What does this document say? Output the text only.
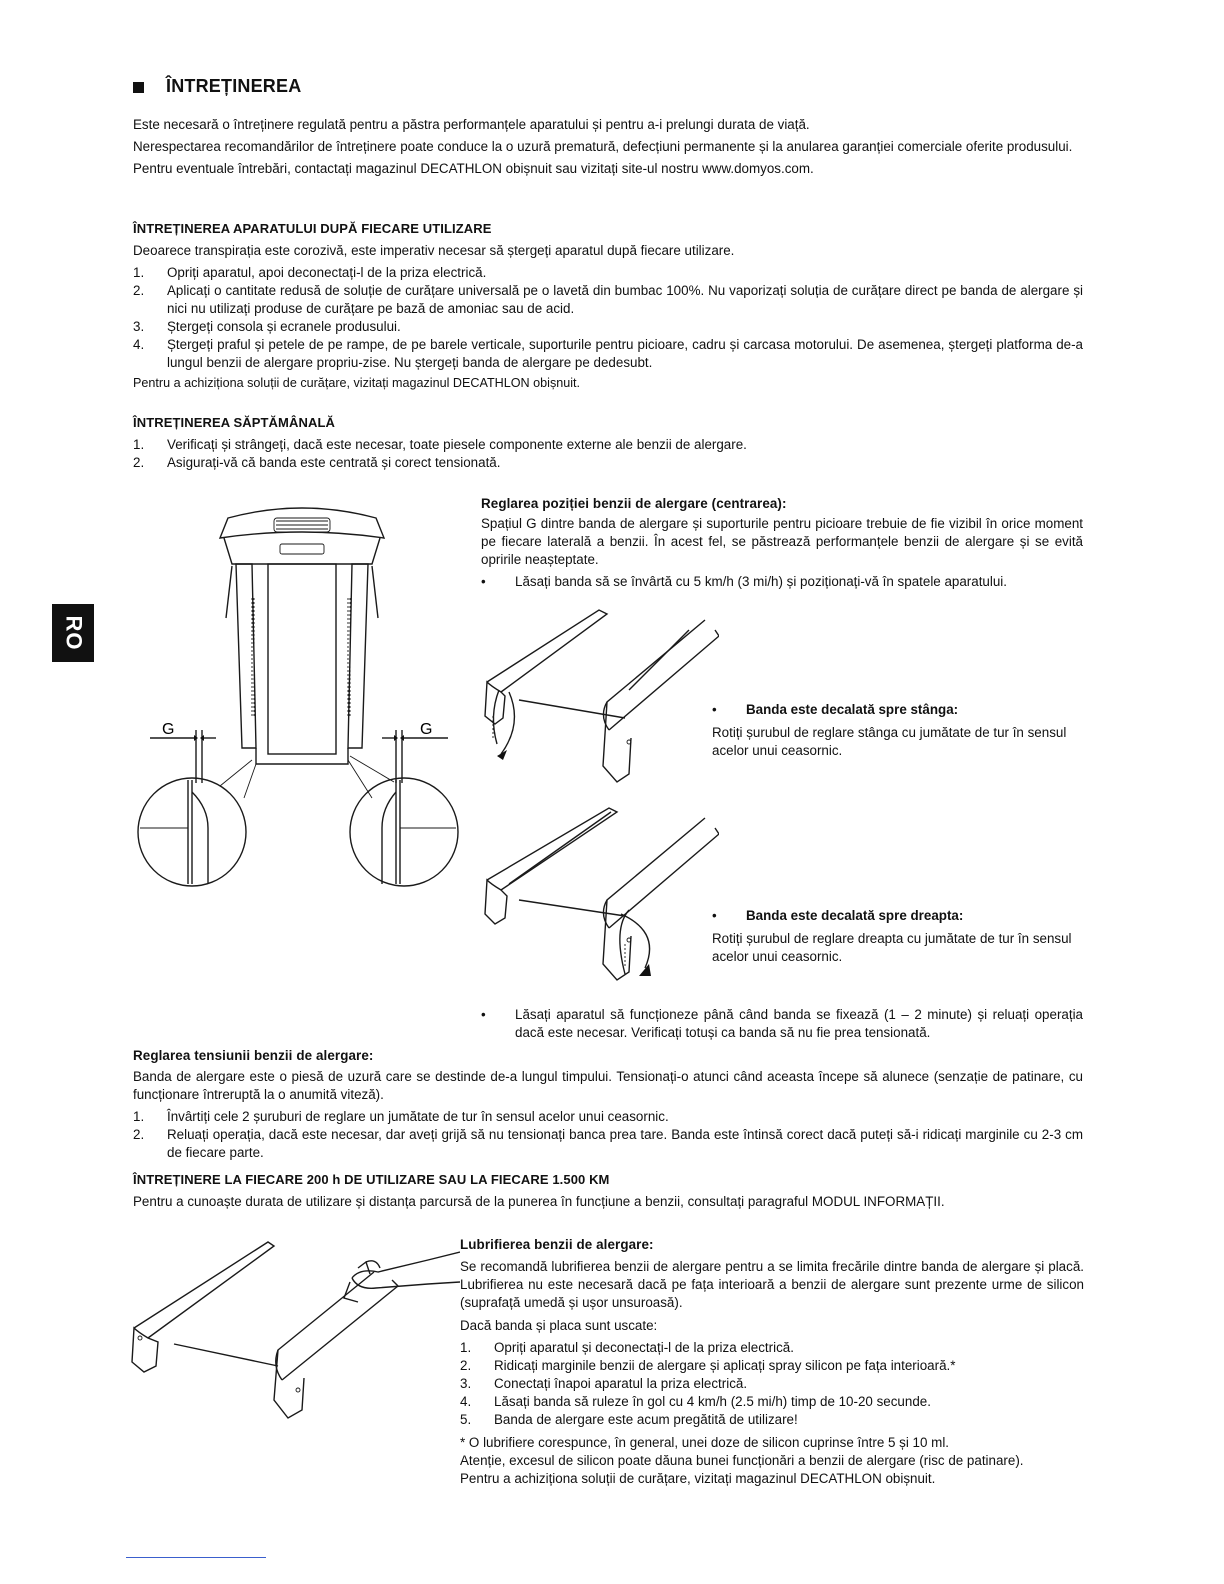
RO
ÎNTREȚINEREA

Este necesară o întreținere regulată pentru a păstra performanțele aparatului și pentru a-i prelungi durata de viață.

Nerespectarea recomandărilor de întreținere poate conduce la o uzură prematură, defecțiuni permanente și la anularea garanției comerciale oferite produsului.

Pentru eventuale întrebări, contactați magazinul DECATHLON obișnuit sau vizitați site-ul nostru www.domyos.com.

ÎNTREȚINEREA APARATULUI DUPĂ FIECARE UTILIZARE

Deoarece transpirația este corozivă, este imperativ necesar să ștergeți aparatul după fiecare utilizare.

1. Opriți aparatul, apoi deconectați-l de la priza electrică.
2. Aplicați o cantitate redusă de soluție de curățare universală pe o lavetă din bumbac 100%. Nu vaporizați soluția de curățare direct pe banda de alergare și nici nu utilizați produse de curățare pe bază de amoniac sau de acid.
3. Ștergeți consola și ecranele produsului.
4. Ștergeți praful și petele de pe rampe, de pe barele verticale, suporturile pentru picioare, cadru și carcasa motorului. De asemenea, ștergeți platforma de-a lungul benzii de alergare propriu-zise. Nu ștergeți banda de alergare pe dedesubt.

Pentru a achiziționa soluții de curățare, vizitați magazinul DECATHLON obișnuit.

ÎNTREȚINEREA SĂPTĂMÂNALĂ
1. Verificați și strângeți, dacă este necesar, toate piesele componente externe ale benzii de alergare.
2. Asigurați-vă că banda este centrată și corect tensionată.
G	G
Reglarea poziției benzii de alergare (centrarea):

Spațiul G dintre banda de alergare și suporturile pentru picioare trebuie de fie vizibil în orice moment pe fiecare laterală a benzii. În acest fel, se păstrează performanțele benzii de alergare și se evită opririle neașteptate.

• Lăsați banda să se învârtă cu 5 km/h (3 mi/h) și poziționați-vă în spatele aparatului.
• Banda este decalată spre stânga:

Rotiți șurubul de reglare stânga cu jumătate de tur în sensul acelor unui ceasornic.

• Banda este decalată spre dreapta:

Rotiți șurubul de reglare dreapta cu jumătate de tur în sensul acelor unui ceasornic.

• Lăsați aparatul să funcționeze până când banda se fixează (1 – 2 minute) și reluați operația dacă este necesar. Verificați totuși ca banda să nu fie prea tensionată.
Reglarea tensiunii benzii de alergare:

Banda de alergare este o piesă de uzură care se destinde de-a lungul timpului. Tensionați-o atunci când aceasta începe să alunece (senzație de patinare, cu funcționare întreruptă la o anumită viteză).

1. Învârtiți cele 2 șuruburi de reglare un jumătate de tur în sensul acelor unui ceasornic.
2. Reluați operația, dacă este necesar, dar aveți grijă să nu tensionați banca prea tare. Banda este întinsă corect dacă puteți să-i ridicați marginile cu 2-3 cm de fiecare parte.
ÎNTREȚINERE LA FIECARE 200 h DE UTILIZARE SAU LA FIECARE 1.500 KM

Pentru a cunoaște durata de utilizare și distanța parcursă de la punerea în funcțiune a benzii, consultați paragraful MODUL INFORMAȚII.

Lubrifierea benzii de alergare:

Se recomandă lubrifierea benzii de alergare pentru a se limita frecările dintre banda de alergare și placă. Lubrifierea nu este necesară dacă pe fața interioară a benzii de alergare sunt prezente urme de silicon (suprafață umedă și ușor unsuroasă).

Dacă banda și placa sunt uscate:

1. Opriți aparatul și deconectați-l de la priza electrică.
2. Ridicați marginile benzii de alergare și aplicați spray silicon pe fața interioară.*
3. Conectați înapoi aparatul la priza electrică.
4. Lăsați banda să ruleze în gol cu 4 km/h (2.5 mi/h) timp de 10-20 secunde.
5. Banda de alergare este acum pregătită de utilizare!

* O lubrifiere corespunce, în general, unei doze de silicon cuprinse între 5 și 10 ml.

Atenție, excesul de silicon poate dăuna bunei funcționări a benzii de alergare (risc de patinare).

Pentru a achiziționa soluții de curățare, vizitați magazinul DECATHLON obișnuit.
